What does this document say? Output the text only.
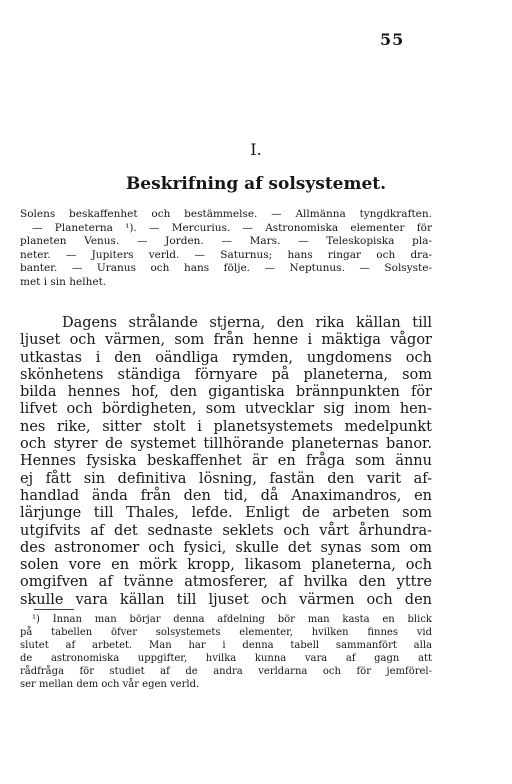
55
I.
Beskrifning af solsystemet.
Solens beskaffenhet och bestämmelse. — Allmänna tyngdkraften.
— Planeterna ¹). — Mercurius. — Astronomiska elementer för
planeten Venus. — Jorden. — Mars. — Teleskopiska pla-
neter. — Jupiters verld. — Saturnus; hans ringar och dra-
banter. — Uranus och hans följe. — Neptunus. — Solsyste-
met i sin helhet.
Dagens strålande stjerna, den rika källan till
ljuset och värmen, som från henne i mäktiga vågor
utkastas i den oändliga rymden, ungdomens och
skönhetens ständiga förnyare på planeterna, som
bilda hennes hof, den gigantiska brännpunkten för
lifvet och bördigheten, som utvecklar sig inom hen-
nes rike, sitter stolt i planetsystemets medelpunkt
och styrer de systemet tillhörande planeternas banor.
Hennes fysiska beskaffenhet är en fråga som ännu
ej fått sin definitiva lösning, fastän den varit af-
handlad ända från den tid, då Anaximandros, en
lärjunge till Thales, lefde. Enligt de arbeten som
utgifvits af det sednaste seklets och vårt århundra-
des astronomer och fysici, skulle det synas som om
solen vore en mörk kropp, likasom planeterna, och
omgifven af tvänne atmosferer, af hvilka den yttre
skulle vara källan till ljuset och värmen och den
¹) Innan man börjar denna afdelning bör man kasta en blick
på tabellen öfver solsystemets elementer, hvilken finnes vid
slutet af arbetet. Man har i denna tabell sammanfört alla
de astronomiska uppgifter, hvilka kunna vara af gagn att
rådfråga för studiet af de andra verldarna och för jemförel-
ser mellan dem och vår egen verld.
